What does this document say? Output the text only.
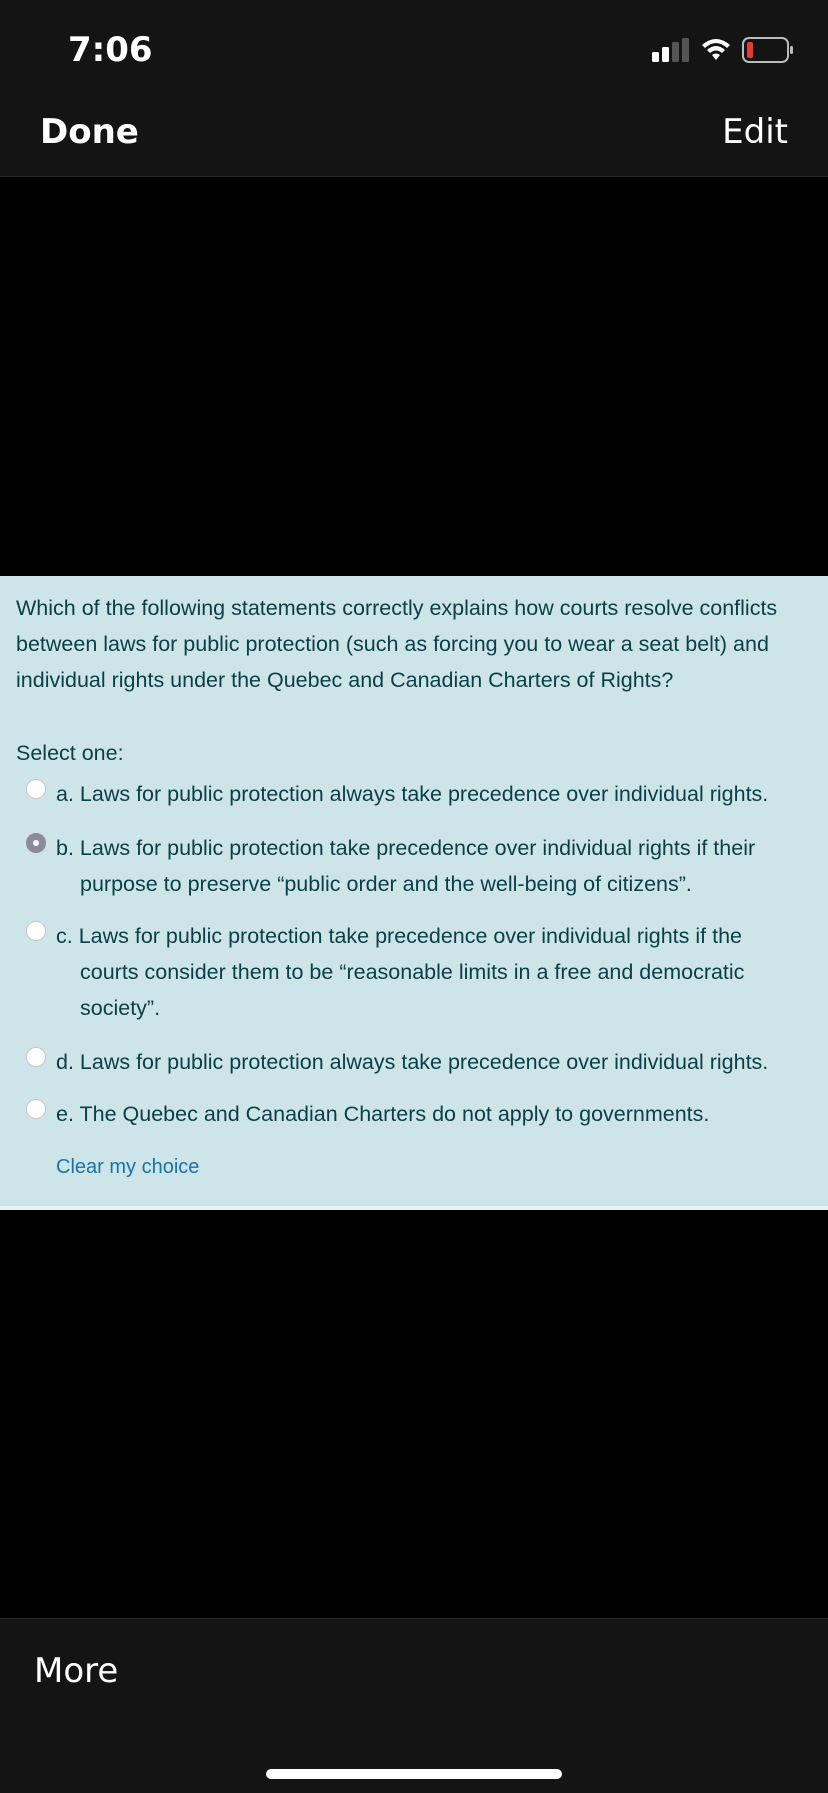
7:06
Done	Edit

Which of the following statements correctly explains how courts resolve conflicts between laws for public protection (such as forcing you to wear a seat belt) and individual rights under the Quebec and Canadian Charters of Rights?

Select one:
a. Laws for public protection always take precedence over individual rights.
b. Laws for public protection take precedence over individual rights if their purpose to preserve “public order and the well-being of citizens”.
c. Laws for public protection take precedence over individual rights if the courts consider them to be “reasonable limits in a free and democratic society”.
d. Laws for public protection always take precedence over individual rights.
e. The Quebec and Canadian Charters do not apply to governments.
Clear my choice
More
